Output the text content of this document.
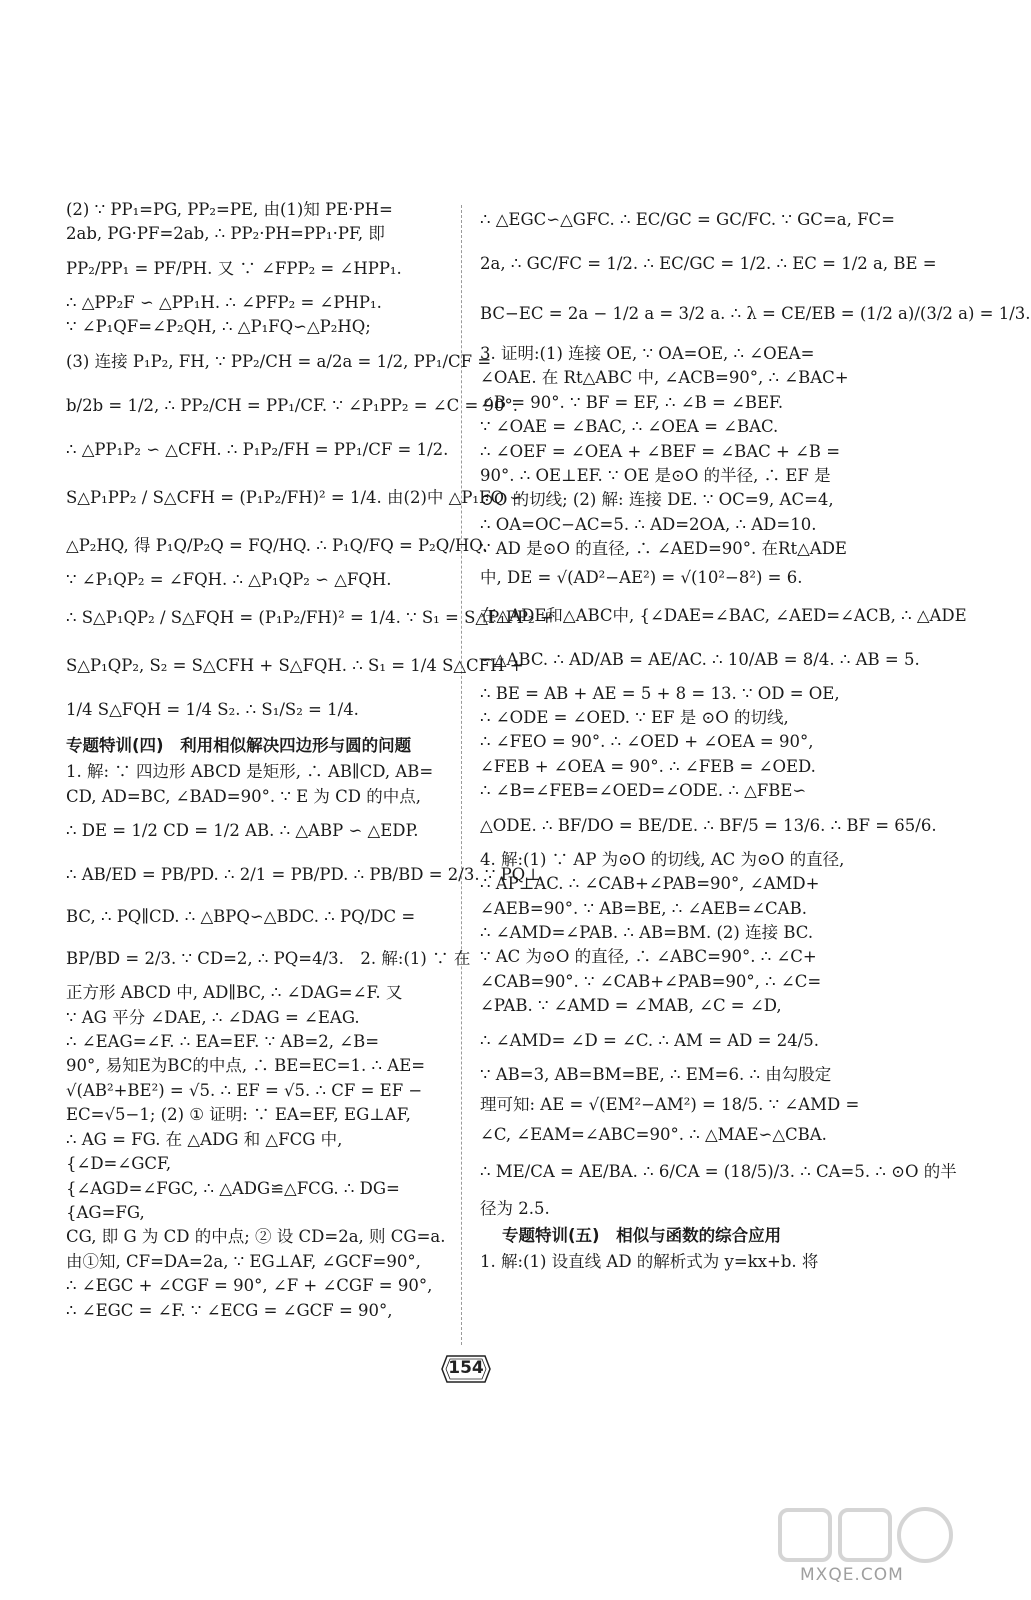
(2) ∵ PP₁=PG, PP₂=PE, 由(1)知 PE·PH=
2ab, PG·PF=2ab, ∴ PP₂·PH=PP₁·PF, 即
PP₂/PP₁ = PF/PH. 又 ∵ ∠FPP₂ = ∠HPP₁.
∴ △PP₂F ∽ △PP₁H. ∴ ∠PFP₂ = ∠PHP₁.
∵ ∠P₁QF=∠P₂QH, ∴ △P₁FQ∽△P₂HQ;
(3) 连接 P₁P₂, FH, ∵ PP₂/CH = a/2a = 1/2, PP₁/CF =
b/2b = 1/2, ∴ PP₂/CH = PP₁/CF. ∵ ∠P₁PP₂ = ∠C = 90°.
∴ △PP₁P₂ ∽ △CFH. ∴ P₁P₂/FH = PP₁/CF = 1/2.
S△P₁PP₂ / S△CFH = (P₁P₂/FH)² = 1/4. 由(2)中 △P₁FQ ∽
△P₂HQ, 得 P₁Q/P₂Q = FQ/HQ. ∴ P₁Q/FQ = P₂Q/HQ.
∵ ∠P₁QP₂ = ∠FQH. ∴ △P₁QP₂ ∽ △FQH.
∴ S△P₁QP₂ / S△FQH = (P₁P₂/FH)² = 1/4. ∵ S₁ = S△P₁PP₂ +
S△P₁QP₂, S₂ = S△CFH + S△FQH. ∴ S₁ = 1/4 S△CFH +
1/4 S△FQH = 1/4 S₂. ∴ S₁/S₂ = 1/4.
专题特训(四)　利用相似解决四边形与圆的问题
1. 解: ∵ 四边形 ABCD 是矩形, ∴ AB∥CD, AB=
CD, AD=BC, ∠BAD=90°. ∵ E 为 CD 的中点,
∴ DE = 1/2 CD = 1/2 AB. ∴ △ABP ∽ △EDP.
∴ AB/ED = PB/PD. ∴ 2/1 = PB/PD. ∴ PB/BD = 2/3. ∵ PQ⊥
BC, ∴ PQ∥CD. ∴ △BPQ∽△BDC. ∴ PQ/DC =
BP/BD = 2/3. ∵ CD=2, ∴ PQ=4/3.　2. 解:(1) ∵ 在
正方形 ABCD 中, AD∥BC, ∴ ∠DAG=∠F. 又
∵ AG 平分 ∠DAE, ∴ ∠DAG = ∠EAG.
∴ ∠EAG=∠F. ∴ EA=EF. ∵ AB=2, ∠B=
90°, 易知E为BC的中点, ∴ BE=EC=1. ∴ AE=
√(AB²+BE²) = √5. ∴ EF = √5. ∴ CF = EF −
EC=√5−1; (2) ① 证明: ∵ EA=EF, EG⊥AF,
∴ AG = FG. 在 △ADG 和 △FCG 中,
{∠D=∠GCF,
{∠AGD=∠FGC, ∴ △ADG≌△FCG. ∴ DG=
{AG=FG,
CG, 即 G 为 CD 的中点; ② 设 CD=2a, 则 CG=a.
由①知, CF=DA=2a, ∵ EG⊥AF, ∠GCF=90°,
∴ ∠EGC + ∠CGF = 90°, ∠F + ∠CGF = 90°,
∴ ∠EGC = ∠F. ∵ ∠ECG = ∠GCF = 90°,
∴ △EGC∽△GFC. ∴ EC/GC = GC/FC. ∵ GC=a, FC=
2a, ∴ GC/FC = 1/2. ∴ EC/GC = 1/2. ∴ EC = 1/2 a, BE =
BC−EC = 2a − 1/2 a = 3/2 a. ∴ λ = CE/EB = (1/2 a)/(3/2 a) = 1/3.
3. 证明:(1) 连接 OE, ∵ OA=OE, ∴ ∠OEA=
∠OAE. 在 Rt△ABC 中, ∠ACB=90°, ∴ ∠BAC+
∠B = 90°. ∵ BF = EF, ∴ ∠B = ∠BEF.
∵ ∠OAE = ∠BAC, ∴ ∠OEA = ∠BAC.
∴ ∠OEF = ∠OEA + ∠BEF = ∠BAC + ∠B =
90°. ∴ OE⊥EF. ∵ OE 是⊙O 的半径, ∴ EF 是
⊙O 的切线; (2) 解: 连接 DE. ∵ OC=9, AC=4,
∴ OA=OC−AC=5. ∴ AD=2OA, ∴ AD=10.
∵ AD 是⊙O 的直径, ∴ ∠AED=90°. 在Rt△ADE
中, DE = √(AD²−AE²) = √(10²−8²) = 6.
在△ADE和△ABC中, {∠DAE=∠BAC, ∠AED=∠ACB, ∴ △ADE
∽△ABC. ∴ AD/AB = AE/AC. ∴ 10/AB = 8/4. ∴ AB = 5.
∴ BE = AB + AE = 5 + 8 = 13. ∵ OD = OE,
∴ ∠ODE = ∠OED. ∵ EF 是 ⊙O 的切线,
∴ ∠FEO = 90°. ∴ ∠OED + ∠OEA = 90°,
∠FEB + ∠OEA = 90°. ∴ ∠FEB = ∠OED.
∴ ∠B=∠FEB=∠OED=∠ODE. ∴ △FBE∽
△ODE. ∴ BF/DO = BE/DE. ∴ BF/5 = 13/6. ∴ BF = 65/6.
4. 解:(1) ∵ AP 为⊙O 的切线, AC 为⊙O 的直径,
∴ AP⊥AC. ∴ ∠CAB+∠PAB=90°, ∠AMD+
∠AEB=90°. ∵ AB=BE, ∴ ∠AEB=∠CAB.
∴ ∠AMD=∠PAB. ∴ AB=BM. (2) 连接 BC.
∵ AC 为⊙O 的直径, ∴ ∠ABC=90°. ∴ ∠C+
∠CAB=90°. ∵ ∠CAB+∠PAB=90°, ∴ ∠C=
∠PAB. ∵ ∠AMD = ∠MAB, ∠C = ∠D,
∴ ∠AMD= ∠D = ∠C. ∴ AM = AD = 24/5.
∵ AB=3, AB=BM=BE, ∴ EM=6. ∴ 由勾股定
理可知: AE = √(EM²−AM²) = 18/5. ∵ ∠AMD =
∠C, ∠EAM=∠ABC=90°. ∴ △MAE∽△CBA.
∴ ME/CA = AE/BA. ∴ 6/CA = (18/5)/3. ∴ CA=5. ∴ ⊙O 的半
径为 2.5.
专题特训(五)　相似与函数的综合应用
1. 解:(1) 设直线 AD 的解析式为 y=kx+b. 将
154
MXQE.COM
